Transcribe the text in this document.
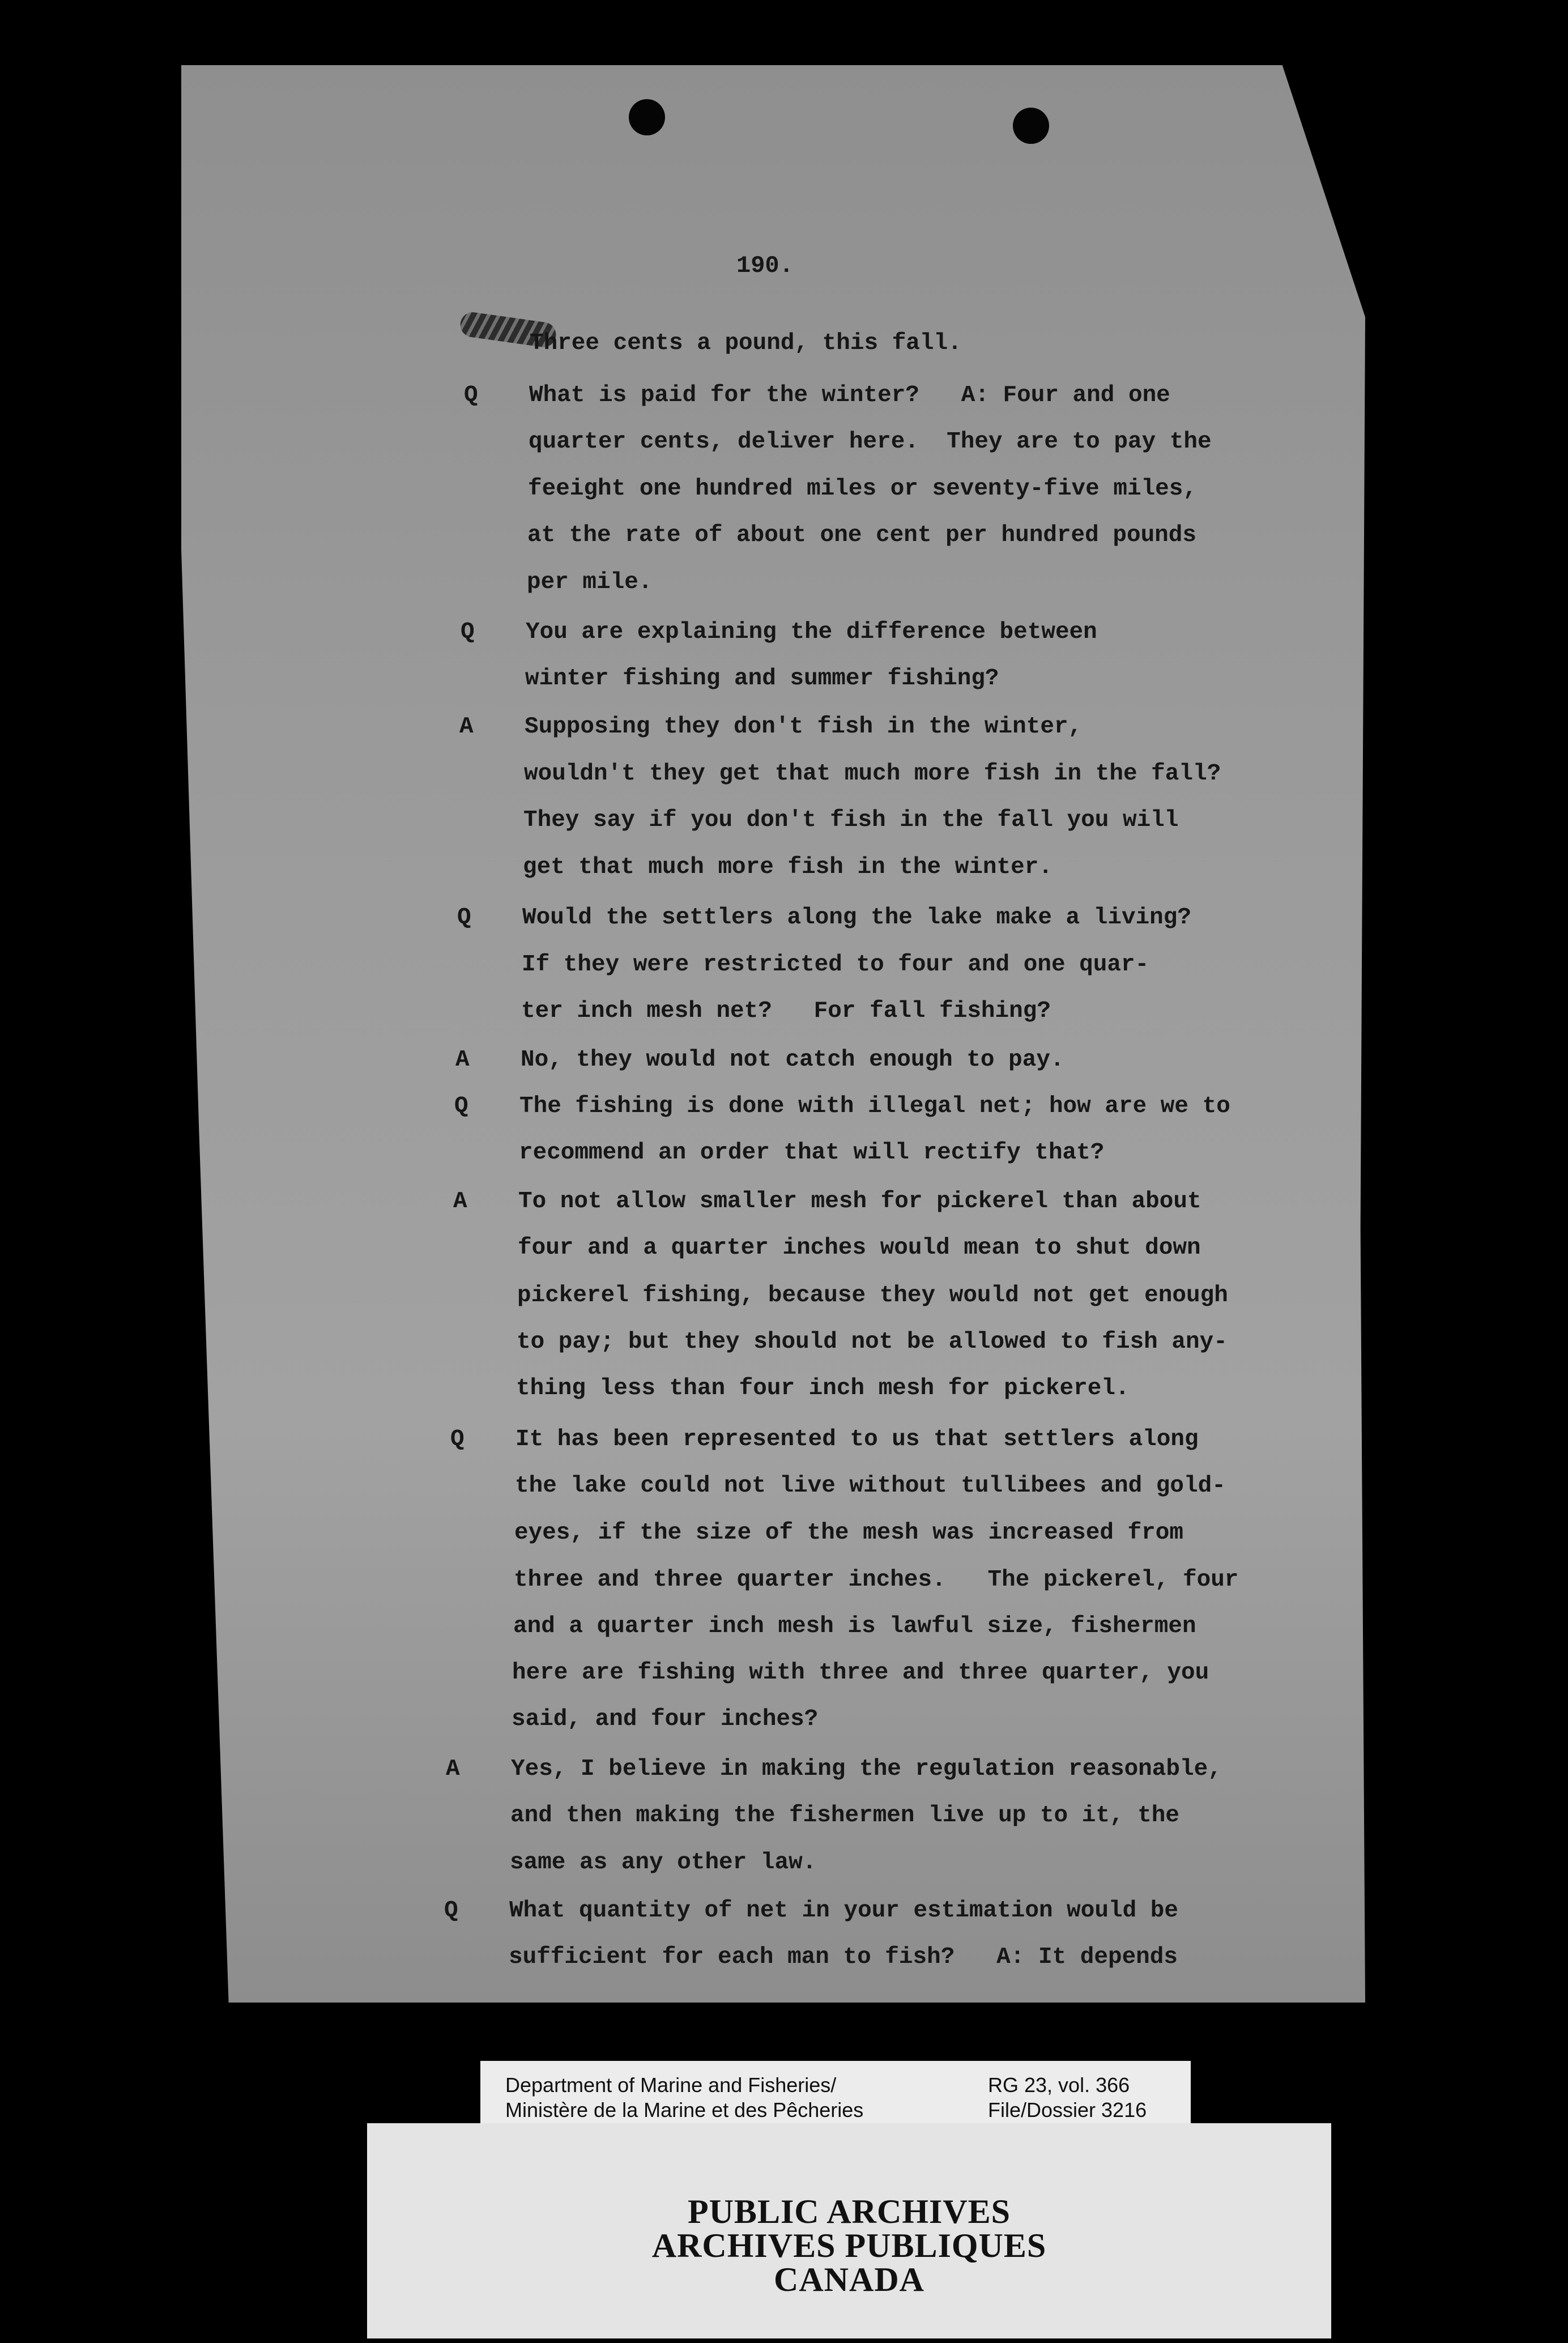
190.
Three cents a pound, this fall.
Q What is paid for the winter?   A: Four and one
quarter cents, deliver here.  They are to pay the
feeight one hundred miles or seventy-five miles,
at the rate of about one cent per hundred pounds
per mile.
Q You are explaining the difference between
winter fishing and summer fishing?
A Supposing they don't fish in the winter,
wouldn't they get that much more fish in the fall?
They say if you don't fish in the fall you will
get that much more fish in the winter.
Q Would the settlers along the lake make a living?
If they were restricted to four and one quar-
ter inch mesh net?   For fall fishing?
A No, they would not catch enough to pay.
Q The fishing is done with illegal net; how are we to
recommend an order that will rectify that?
A To not allow smaller mesh for pickerel than about
four and a quarter inches would mean to shut down
pickerel fishing, because they would not get enough
to pay; but they should not be allowed to fish any-
thing less than four inch mesh for pickerel.
Q It has been represented to us that settlers along
the lake could not live without tullibees and gold-
eyes, if the size of the mesh was increased from
three and three quarter inches.   The pickerel, four
and a quarter inch mesh is lawful size, fishermen
here are fishing with three and three quarter, you
said, and four inches?
A Yes, I believe in making the regulation reasonable,
and then making the fishermen live up to it, the
same as any other law.
Q What quantity of net in your estimation would be
sufficient for each man to fish?   A: It depends
Department of Marine and Fisheries/
Ministère de la Marine et des Pêcheries
RG 23, vol. 366
File/Dossier 3216
PUBLIC ARCHIVES
ARCHIVES PUBLIQUES
CANADA
